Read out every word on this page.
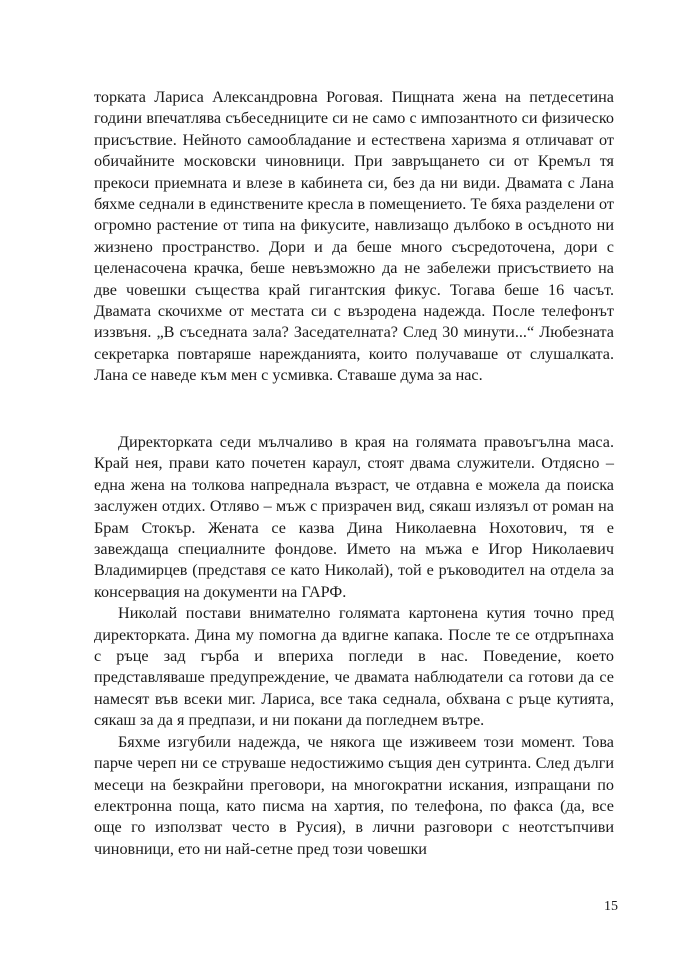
торката Лариса Александровна Роговая. Пищната жена на петдесетина години впечатлява събеседниците си не само с импозантното си физическо присъствие. Нейното самообладание и естествена харизма я отличават от обичайните московски чиновници. При завръщането си от Кремъл тя прекоси приемната и влезе в кабинета си, без да ни види. Двамата с Лана бяхме седнали в единствените кресла в помещението. Те бяха разделени от огромно растение от типа на фикусите, навлизащо дълбоко в осъдното ни жизнено пространство. Дори и да беше много съсредоточена, дори с целенасочена крачка, беше невъзможно да не забележи присъствието на две човешки същества край гигантския фикус. Тогава беше 16 часът. Двамата скочихме от местата си с възродена надежда. После телефонът иззвъня. „В съседната зала? Заседателната? След 30 минути...“ Любезната секретарка повтаряше нарежданията, които получаваше от слушалката. Лана се наведе към мен с усмивка. Ставаше дума за нас.

Директорката седи мълчаливо в края на голямата правоъгълна маса. Край нея, прави като почетен караул, стоят двама служители. Отдясно – една жена на толкова напреднала възраст, че отдавна е можела да поиска заслужен отдих. Отляво – мъж с призрачен вид, сякаш излязъл от роман на Брам Стокър. Жената се казва Дина Николаевна Нохотович, тя е завеждаща специалните фондове. Името на мъжа е Игор Николаевич Владимирцев (представя се като Николай), той е ръководител на отдела за консервация на документи на ГАРФ.

Николай постави внимателно голямата картонена кутия точно пред директорката. Дина му помогна да вдигне капака. После те се отдръпнаха с ръце зад гърба и впериха погледи в нас. Поведение, което представляваше предупреждение, че двамата наблюдатели са готови да се намесят във всеки миг. Лариса, все така седнала, обхвана с ръце кутията, сякаш за да я предпази, и ни покани да погледнем вътре.

Бяхме изгубили надежда, че някога ще изживеем този момент. Това парче череп ни се струваше недостижимо същия ден сутринта. След дълги месеци на безкрайни преговори, на многократни искания, изпращани по електронна поща, като писма на хартия, по телефона, по факса (да, все още го използват често в Русия), в лични разговори с неотстъпчиви чиновници, ето ни най-сетне пред този човешки

15
